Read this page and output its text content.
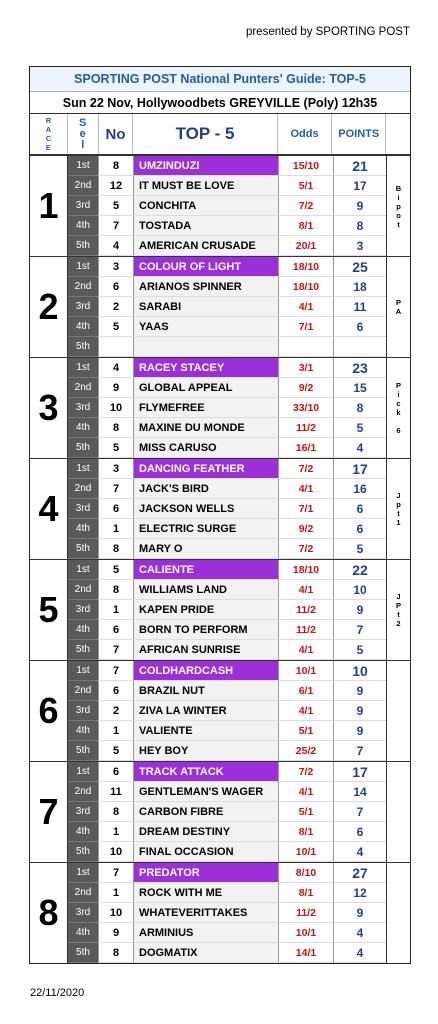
presented by SPORTING POST
SPORTING POST National Punters' Guide: TOP-5
Sun 22 Nov, Hollywoodbets GREYVILLE (Poly) 12h35
R
A
C
E
S
e
l
No	TOP - 5	Odds	POINTS
1
1st	8	UMZINDUZI	15/10	21
2nd	12	IT MUST BE LOVE	5/1	17
3rd	5	CONCHITA	7/2	9
4th	7	TOSTADA	8/1	8
5th	4	AMERICAN CRUSADE	20/1	3
B
i
p
o
t
2
1st	3	COLOUR OF LIGHT	18/10	25
2nd	6	ARIANOS SPINNER	18/10	18
3rd	2	SARABI	4/1	11
4th	5	YAAS	7/1	6
5th
P
A
3
1st	4	RACEY STACEY	3/1	23
2nd	9	GLOBAL APPEAL	9/2	15
3rd	10	FLYMEFREE	33/10	8
4th	8	MAXINE DU MONDE	11/2	5
5th	5	MISS CARUSO	16/1	4
P
i
c
k
6
4
1st	3	DANCING FEATHER	7/2	17
2nd	7	JACK'S BIRD	4/1	16
3rd	6	JACKSON WELLS	7/1	6
4th	1	ELECTRIC SURGE	9/2	6
5th	8	MARY O	7/2	5
J
p
t
1
5
1st	5	CALIENTE	18/10	22
2nd	8	WILLIAMS LAND	4/1	10
3rd	1	KAPEN PRIDE	11/2	9
4th	6	BORN TO PERFORM	11/2	7
5th	7	AFRICAN SUNRISE	4/1	5
J
P
t
2
6
1st	7	COLDHARDCASH	10/1	10
2nd	6	BRAZIL NUT	6/1	9
3rd	2	ZIVA LA WINTER	4/1	9
4th	1	VALIENTE	5/1	9
5th	5	HEY BOY	25/2	7
7
1st	6	TRACK ATTACK	7/2	17
2nd	11	GENTLEMAN'S WAGER	4/1	14
3rd	8	CARBON FIBRE	5/1	7
4th	1	DREAM DESTINY	8/1	6
5th	10	FINAL OCCASION	10/1	4
8
1st	7	PREDATOR	8/10	27
2nd	1	ROCK WITH ME	8/1	12
3rd	10	WHATEVERITTAKES	11/2	9
4th	9	ARMINIUS	10/1	4
5th	8	DOGMATIX	14/1	4
22/11/2020
